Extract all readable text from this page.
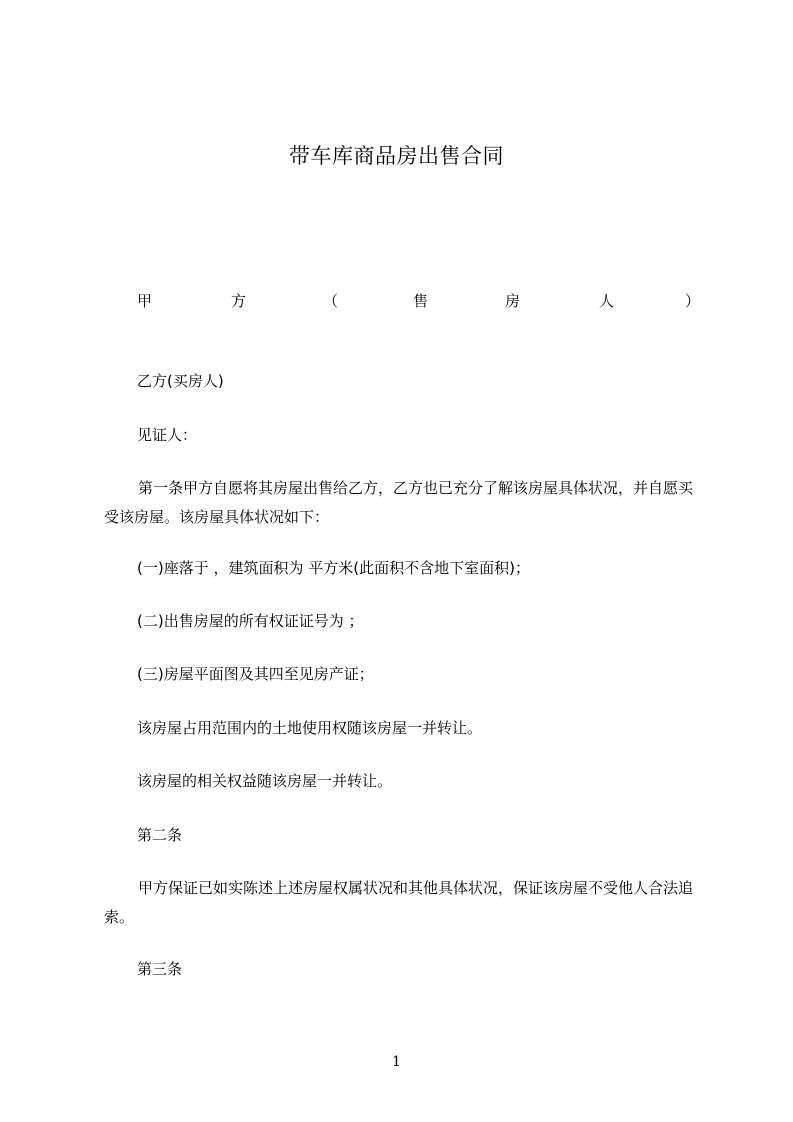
带车库商品房出售合同
甲	方	（	售	房	人	）
乙方(买房人)
见证人：
第一条甲方自愿将其房屋出售给乙方，乙方也已充分了解该房屋具体状况，并自愿买受该房屋。该房屋具体状况如下：
(一)座落于 ，建筑面积为 平方米(此面积不含地下室面积)；
(二)出售房屋的所有权证证号为 ；
(三)房屋平面图及其四至见房产证；
该房屋占用范围内的土地使用权随该房屋一并转让。
该房屋的相关权益随该房屋一并转让。
第二条
甲方保证已如实陈述上述房屋权属状况和其他具体状况，保证该房屋不受他人合法追索。
第三条
1
